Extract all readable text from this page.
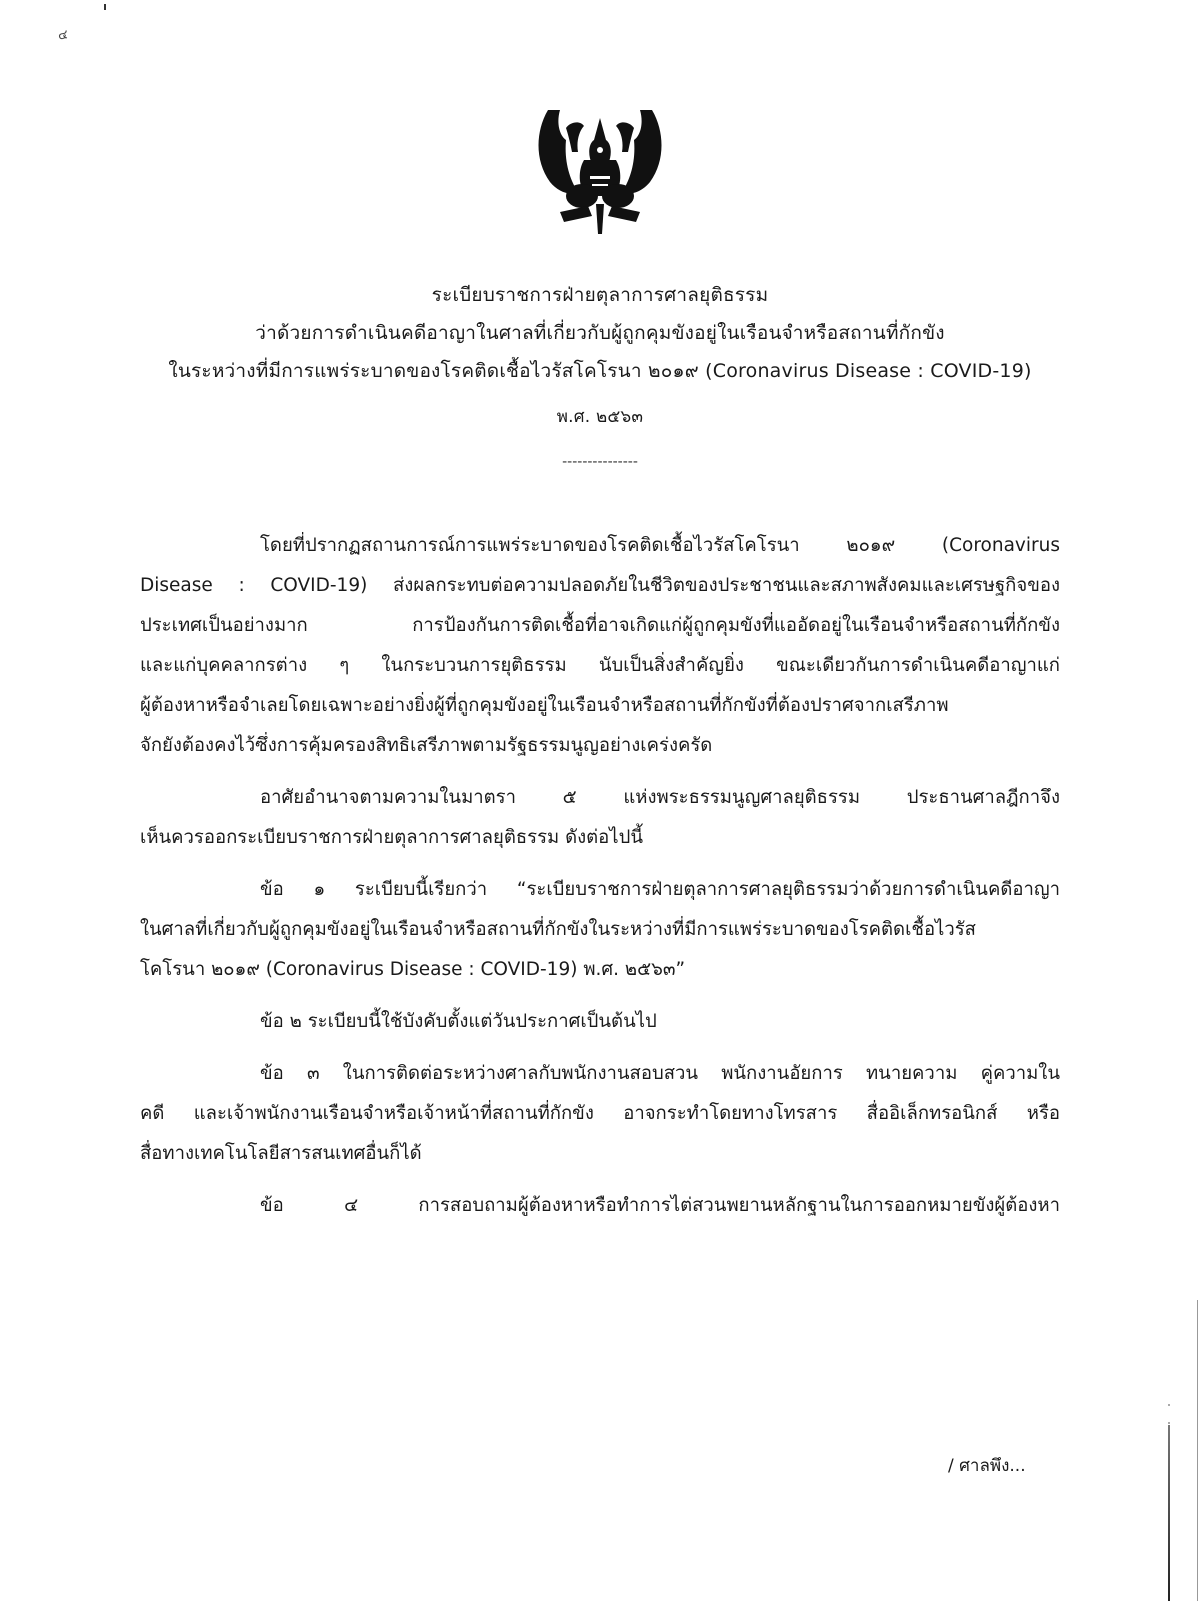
๔
ระเบียบราชการฝ่ายตุลาการศาลยุติธรรม
ว่าด้วยการดำเนินคดีอาญาในศาลที่เกี่ยวกับผู้ถูกคุมขังอยู่ในเรือนจำหรือสถานที่กักขัง
ในระหว่างที่มีการแพร่ระบาดของโรคติดเชื้อไวรัสโคโรนา ๒๐๑๙ (Coronavirus Disease : COVID-19)
พ.ศ. ๒๕๖๓
---------------
โดยที่ปรากฏสถานการณ์การแพร่ระบาดของโรคติดเชื้อไวรัสโคโรนา ๒๐๑๙ (Coronavirus
Disease : COVID-19) ส่งผลกระทบต่อความปลอดภัยในชีวิตของประชาชนและสภาพสังคมและเศรษฐกิจของ
ประเทศเป็นอย่างมาก การป้องกันการติดเชื้อที่อาจเกิดแก่ผู้ถูกคุมขังที่แออัดอยู่ในเรือนจำหรือสถานที่กักขัง
และแก่บุคคลากรต่าง ๆ ในกระบวนการยุติธรรม นับเป็นสิ่งสำคัญยิ่ง ขณะเดียวกันการดำเนินคดีอาญาแก่
ผู้ต้องหาหรือจำเลยโดยเฉพาะอย่างยิ่งผู้ที่ถูกคุมขังอยู่ในเรือนจำหรือสถานที่กักขังที่ต้องปราศจากเสรีภาพ
จักยังต้องคงไว้ซึ่งการคุ้มครองสิทธิเสรีภาพตามรัฐธรรมนูญอย่างเคร่งครัด
อาศัยอำนาจตามความในมาตรา ๕ แห่งพระธรรมนูญศาลยุติธรรม ประธานศาลฎีกาจึง
เห็นควรออกระเบียบราชการฝ่ายตุลาการศาลยุติธรรม ดังต่อไปนี้
ข้อ ๑ ระเบียบนี้เรียกว่า “ระเบียบราชการฝ่ายตุลาการศาลยุติธรรมว่าด้วยการดำเนินคดีอาญา
ในศาลที่เกี่ยวกับผู้ถูกคุมขังอยู่ในเรือนจำหรือสถานที่กักขังในระหว่างที่มีการแพร่ระบาดของโรคติดเชื้อไวรัส
โคโรนา ๒๐๑๙ (Coronavirus Disease : COVID-19) พ.ศ. ๒๕๖๓”
ข้อ ๒ ระเบียบนี้ใช้บังคับตั้งแต่วันประกาศเป็นต้นไป
ข้อ ๓ ในการติดต่อระหว่างศาลกับพนักงานสอบสวน พนักงานอัยการ ทนายความ คู่ความใน
คดี และเจ้าพนักงานเรือนจำหรือเจ้าหน้าที่สถานที่กักขัง อาจกระทำโดยทางโทรสาร สื่ออิเล็กทรอนิกส์ หรือ
สื่อทางเทคโนโลยีสารสนเทศอื่นก็ได้
ข้อ ๔ การสอบถามผู้ต้องหาหรือทำการไต่สวนพยานหลักฐานในการออกหมายขังผู้ต้องหา
/ ศาลพึง...
